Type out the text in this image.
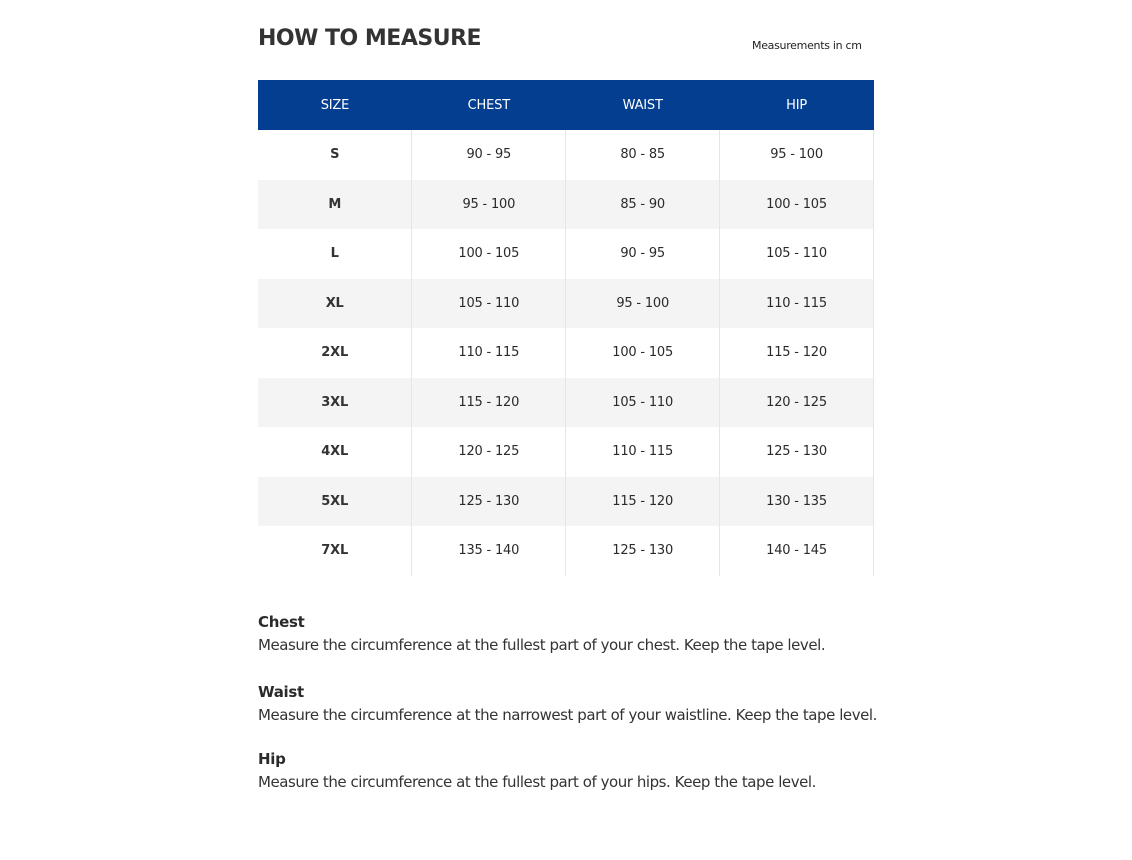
HOW TO MEASURE	Measurements in cm
SIZE	CHEST	WAIST	HIP
S	90 - 95	80 - 85	95 - 100
M	95 - 100	85 - 90	100 - 105
L	100 - 105	90 - 95	105 - 110
XL	105 - 110	95 - 100	110 - 115
2XL	110 - 115	100 - 105	115 - 120
3XL	115 - 120	105 - 110	120 - 125
4XL	120 - 125	110 - 115	125 - 130
5XL	125 - 130	115 - 120	130 - 135
7XL	135 - 140	125 - 130	140 - 145
Chest
Measure the circumference at the fullest part of your chest. Keep the tape level.
Waist
Measure the circumference at the narrowest part of your waistline. Keep the tape level.
Hip
Measure the circumference at the fullest part of your hips. Keep the tape level.
